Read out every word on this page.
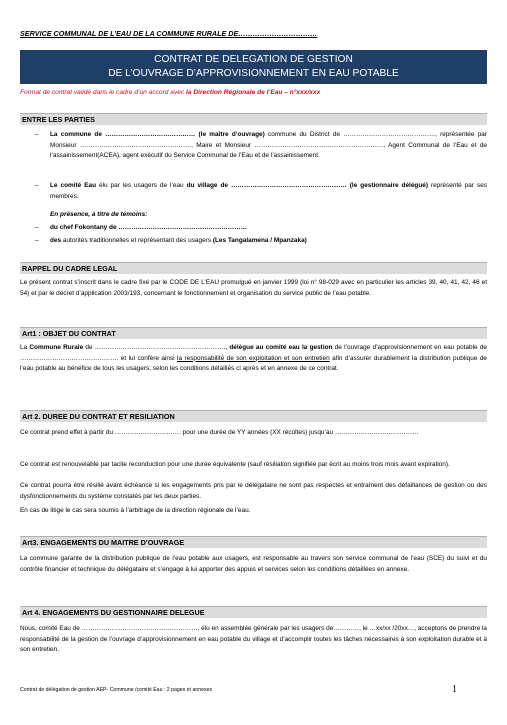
SERVICE COMMUNAL DE L’EAU DE LA COMMUNE RURALE DE……………………………
CONTRAT DE DELEGATION DE GESTION
DE L’OUVRAGE D’APPROVISIONNEMENT EN EAU POTABLE
Format de contrat validé dans le cadre d’un accord avec la Direction Régionale de l’Eau – n°xxx/xxx
ENTRE LES PARTIES
– La commune de …………………………………… (le maître d’ouvrage) commune du District de ……………………………………., représentée par Monsieur ……………………………………………., Maire et Monsieur ……………………………………………………, Agent Communal de l’Eau et de l’assainissement(ACEA), agent exécutif du Service Communal de l’Eau et de l’assainissement.
– Le comité Eau élu par les usagers de l’eau du village de ……………………………………………… (le gestionnaire délégué) représenté par ses membres.
En présence, à titre de témoins:
– du chef Fokontany de ……………………………………………………
– des autorités traditionnelles et représentant des usagers (Les Tangalamena / Mpanzaka)
RAPPEL DU CADRE LEGAL
Le présent contrat s’inscrit dans le cadre fixé par le CODE DE L’EAU promulgué en janvier 1999 (loi n° 98-029 avec en particulier les articles 39, 40, 41, 42, 46 et 54) et par le décret d’application 2003/193, concernant le fonctionnement et organisation du service public de l’eau potable.
Art1 : OBJET DU CONTRAT
La Commune Rurale de ……………………………………………………., délègue au comité eau la gestion de l’ouvrage d’approvisionnement en eau potable de ………………………………………. et lui confère ainsi la responsabilité de son exploitation et son entretien afin d’assurer durablement la distribution publique de l’eau potable au bénéfice de tous les usagers, selon les conditions détaillés ci après et en annexe de ce contrat.
Art 2. DUREE DU CONTRAT ET RESILIATION
Ce contrat prend effet à partir du …………………………. pour une durée de YY années (XX récoltes) jusqu’au …………………………………
Ce contrat est renouvelable par tacite reconduction pour une durée équivalente (sauf résiliation signifiée par écrit au moins trois mois avant expiration).
Ce contrat pourra être résilié avant échéance si les engagements pris par le délégataire ne sont pas respectés et entraînent des défaillances de gestion ou des dysfonctionnements du système constatés par les deux parties.
En cas de litige le cas sera soumis à l’arbitrage de la direction régionale de l’eau.
Art3. ENGAGEMENTS DU MAITRE D’OUVRAGE
La commune garante de la distribution publique de l’eau potable aux usagers, est responsable au travers son service communal de l’eau (SCE) du suivi et du contrôle financier et technique du délégataire et s’engage à lui apporter des appuis et services selon les conditions détaillées en annexe.
Art 4. ENGAGEMENTS DU GESTIONNAIRE DELEGUE
Nous, comité Eau de ………………………………………………, élu en assemblée générale par les usagers de…………, le …xx/xx /20xx…, acceptons de prendre la responsabilité de la gestion de l’ouvrage d’approvisionnement en eau potable du village et d’accomplir toutes les tâches nécessaires à son exploitation durable et à son entretien.
Contrat de délégation de gestion AEP- Commune /comité Eau : 2 pages et annexes	1
